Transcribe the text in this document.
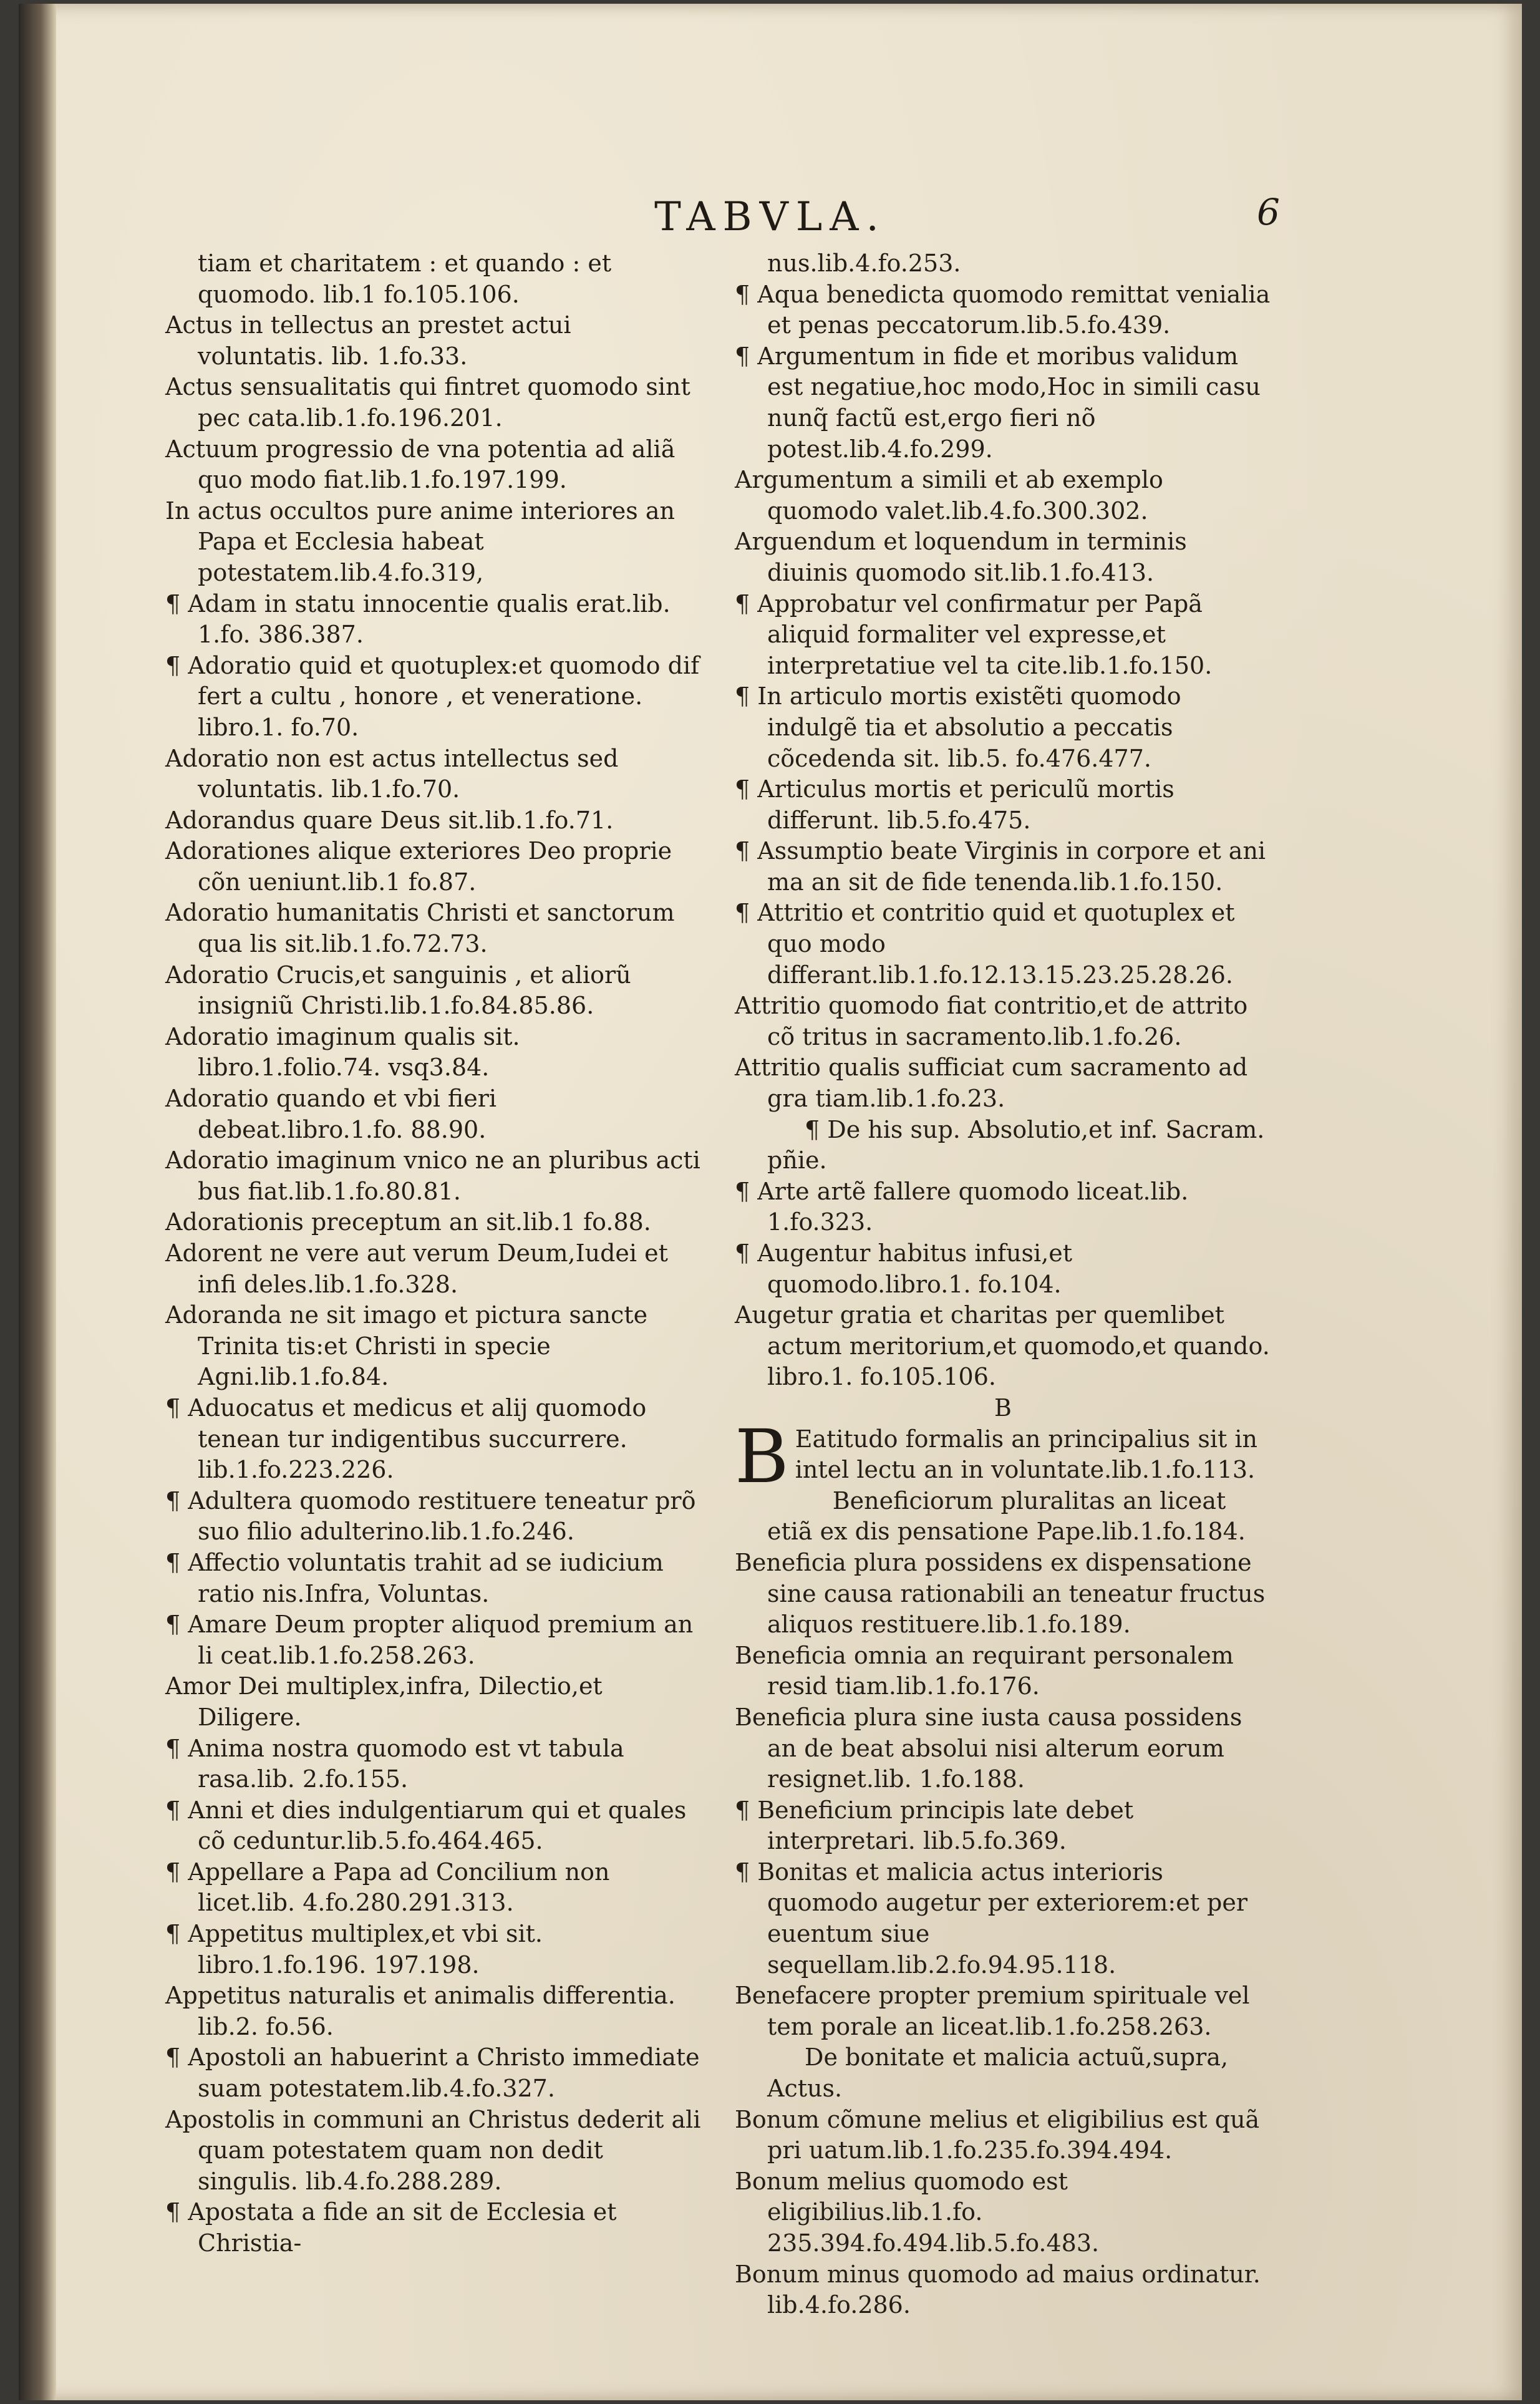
TABVLA.	6

tiam et charitatem : et quando : et quomodo. lib.1 fo.105.106.

Actus in tellectus an prestet actui voluntatis. lib. 1.fo.33.

Actus sensualitatis qui fintret quomodo sint pec cata.lib.1.fo.196.201.

Actuum progressio de vna potentia ad aliã quo modo fiat.lib.1.fo.197.199.

In actus occultos pure anime interiores an Papa et Ecclesia habeat potestatem.lib.4.fo.319,

¶ Adam in statu innocentie qualis erat.lib. 1.fo. 386.387.

¶ Adoratio quid et quotuplex:et quomodo dif fert a cultu , honore , et veneratione. libro.1. fo.70.

Adoratio non est actus intellectus sed voluntatis. lib.1.fo.70.

Adorandus quare Deus sit.lib.1.fo.71.

Adorationes alique exteriores Deo proprie cõn ueniunt.lib.1 fo.87.

Adoratio humanitatis Christi et sanctorum qua lis sit.lib.1.fo.72.73.

Adoratio Crucis,et sanguinis , et aliorũ insigniũ Christi.lib.1.fo.84.85.86.

Adoratio imaginum qualis sit. libro.1.folio.74. vsq3.84.

Adoratio quando et vbi fieri debeat.libro.1.fo. 88.90.

Adoratio imaginum vnico ne an pluribus acti bus fiat.lib.1.fo.80.81.

Adorationis preceptum an sit.lib.1 fo.88.

Adorent ne vere aut verum Deum,Iudei et infi deles.lib.1.fo.328.

Adoranda ne sit imago et pictura sancte Trinita tis:et Christi in specie Agni.lib.1.fo.84.

¶ Aduocatus et medicus et alij quomodo tenean tur indigentibus succurrere. lib.1.fo.223.226.

¶ Adultera quomodo restituere teneatur prõ suo filio adulterino.lib.1.fo.246.

¶ Affectio voluntatis trahit ad se iudicium ratio nis.Infra, Voluntas.

¶ Amare Deum propter aliquod premium an li ceat.lib.1.fo.258.263.

Amor Dei multiplex,infra, Dilectio,et Diligere.

¶ Anima nostra quomodo est vt tabula rasa.lib. 2.fo.155.

¶ Anni et dies indulgentiarum qui et quales cõ ceduntur.lib.5.fo.464.465.

¶ Appellare a Papa ad Concilium non licet.lib. 4.fo.280.291.313.

¶ Appetitus multiplex,et vbi sit. libro.1.fo.196. 197.198.

Appetitus naturalis et animalis differentia. lib.2. fo.56.

¶ Apostoli an habuerint a Christo immediate suam potestatem.lib.4.fo.327.

Apostolis in communi an Christus dederit ali quam potestatem quam non dedit singulis. lib.4.fo.288.289.

¶ Apostata a fide an sit de Ecclesia et Christia-

nus.lib.4.fo.253.

¶ Aqua benedicta quomodo remittat venialia et penas peccatorum.lib.5.fo.439.

¶ Argumentum in fide et moribus validum est negatiue,hoc modo,Hoc in simili casu nunq̃ factũ est,ergo fieri nõ potest.lib.4.fo.299.

Argumentum a simili et ab exemplo quomodo valet.lib.4.fo.300.302.

Arguendum et loquendum in terminis diuinis quomodo sit.lib.1.fo.413.

¶ Approbatur vel confirmatur per Papã aliquid formaliter vel expresse,et interpretatiue vel ta cite.lib.1.fo.150.

¶ In articulo mortis existẽti quomodo indulgẽ tia et absolutio a peccatis cõcedenda sit. lib.5. fo.476.477.

¶ Articulus mortis et periculũ mortis differunt. lib.5.fo.475.

¶ Assumptio beate Virginis in corpore et ani ma an sit de fide tenenda.lib.1.fo.150.

¶ Attritio et contritio quid et quotuplex et quo modo differant.lib.1.fo.12.13.15.23.25.28.26.

Attritio quomodo fiat contritio,et de attrito cõ tritus in sacramento.lib.1.fo.26.

Attritio qualis sufficiat cum sacramento ad gra tiam.lib.1.fo.23.

¶ De his sup. Absolutio,et inf. Sacram. pñie.

¶ Arte artẽ fallere quomodo liceat.lib. 1.fo.323.

¶ Augentur habitus infusi,et quomodo.libro.1. fo.104.

Augetur gratia et charitas per quemlibet actum meritorium,et quomodo,et quando. libro.1. fo.105.106.

B

B Eatitudo formalis an principalius sit in intel lectu an in voluntate.lib.1.fo.113.

Beneficiorum pluralitas an liceat etiã ex dis pensatione Pape.lib.1.fo.184.

Beneficia plura possidens ex dispensatione sine causa rationabili an teneatur fructus aliquos restituere.lib.1.fo.189.

Beneficia omnia an requirant personalem resid tiam.lib.1.fo.176.

Beneficia plura sine iusta causa possidens an de beat absolui nisi alterum eorum resignet.lib. 1.fo.188.

¶ Beneficium principis late debet interpretari. lib.5.fo.369.

¶ Bonitas et malicia actus interioris quomodo augetur per exteriorem:et per euentum siue sequellam.lib.2.fo.94.95.118.

Benefacere propter premium spirituale vel tem porale an liceat.lib.1.fo.258.263.

De bonitate et malicia actuũ,supra, Actus.

Bonum cõmune melius et eligibilius est quã pri uatum.lib.1.fo.235.fo.394.494.

Bonum melius quomodo est eligibilius.lib.1.fo. 235.394.fo.494.lib.5.fo.483.

Bonum minus quomodo ad maius ordinatur. lib.4.fo.286.
